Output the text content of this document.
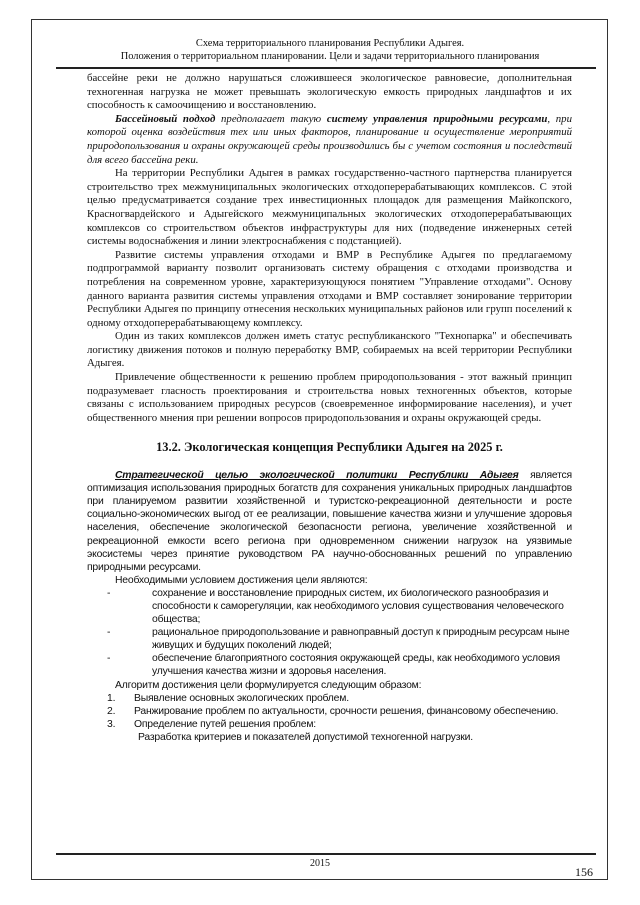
Схема территориального планирования Республики Адыгея.
Положения о территориальном планировании. Цели и задачи территориального планирования

бассейне реки не должно нарушаться сложившееся экологическое равновесие, дополнительная техногенная нагрузка не может превышать экологическую емкость природных ландшафтов и их способность к самоочищению и восстановлению.

Бассейновый подход предполагает такую систему управления природными ресурсами, при которой оценка воздействия тех или иных факторов, планирование и осуществление мероприятий природопользования и охраны окружающей среды производились бы с учетом состояния и последствий для всего бассейна реки.

На территории Республики Адыгея в рамках государственно-частного партнерства планируется строительство трех межмуниципальных экологических отходоперерабатывающих комплексов. С этой целью предусматривается создание трех инвестиционных площадок для размещения Майкопского, Красногвардейского и Адыгейского межмуниципальных экологических отходоперерабатывающих комплексов со строительством объектов инфраструктуры для них (подведение инженерных сетей системы водоснабжения и линии электроснабжения с подстанцией).

Развитие системы управления отходами и ВМР в Республике Адыгея по предлагаемому подпрограммой варианту позволит организовать систему обращения с отходами производства и потребления на современном уровне, характеризующуюся понятием "Управление отходами". Основу данного варианта развития системы управления отходами и ВМР составляет зонирование территории Республики Адыгея по принципу отнесения нескольких муниципальных районов или групп поселений к одному отходоперерабатывающему комплексу.

Один из таких комплексов должен иметь статус республиканского "Технопарка" и обеспечивать логистику движения потоков и полную переработку ВМР, собираемых на всей территории Республики Адыгея.

Привлечение общественности к решению проблем природопользования - этот важный принцип подразумевает гласность проектирования и строительства новых техногенных объектов, которые связаны с использованием природных ресурсов (своевременное информирование населения), и учет общественного мнения при решении вопросов природопользования и охраны окружающей среды.

13.2. Экологическая концепция Республики Адыгея на 2025 г.

Стратегической целью экологической политики Республики Адыгея является оптимизация использования природных богатств для сохранения уникальных природных ландшафтов при планируемом развитии хозяйственной и туристско-рекреационной деятельности и росте социально-экономических выгод от ее реализации, повышение качества жизни и улучшение здоровья населения, обеспечение экологической безопасности региона, увеличение хозяйственной и рекреационной емкости всего региона при одновременном снижении нагрузок на уязвимые экосистемы через принятие руководством РА научно-обоснованных решений по управлению природными ресурсами.

Необходимыми условием достижения цели являются:

-	сохранение и восстановление природных систем, их биологического разнообразия и способности к саморегуляции, как необходимого условия существования человеческого общества;
-	рациональное природопользование и равноправный доступ к природным ресурсам ныне живущих и будущих поколений людей;
-	обеспечение благоприятного состояния окружающей среды, как необходимого условия улучшения качества жизни и здоровья населения.

Алгоритм достижения цели формулируется следующим образом:

1.	Выявление основных экологических проблем.
2.	Ранжирование проблем по актуальности, срочности решения, финансовому обеспечению.
3.	Определение путей решения проблем:
Разработка критериев и показателей допустимой техногенной нагрузки.
2015
156
